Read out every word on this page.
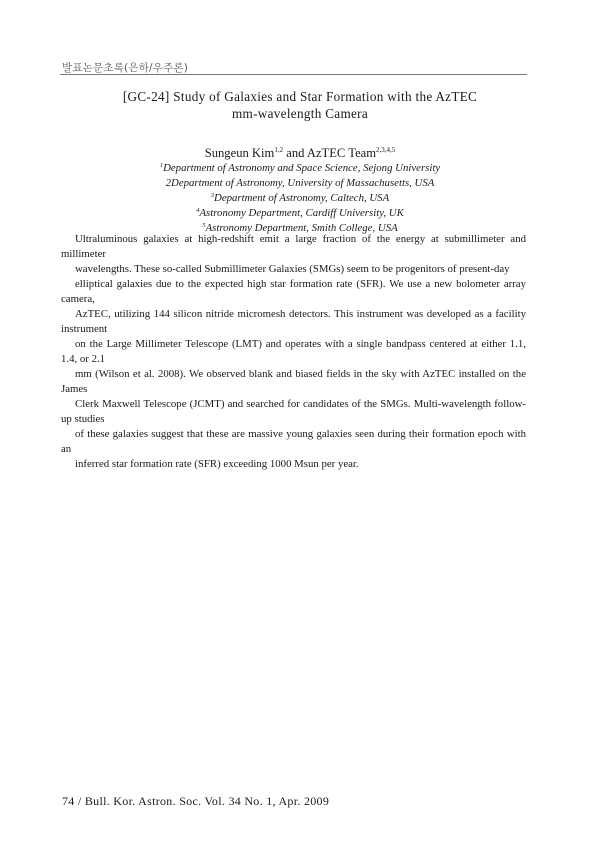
발표논문초록(은하/우주론)
[GC-24] Study of Galaxies and Star Formation with the AzTEC
mm-wavelength Camera
Sungeun Kim$^{1,2}$ and AzTEC Team$^{2,3,4,5}$
$^1$Department of Astronomy and Space Science, Sejong University
2Department of Astronomy, University of Massachusetts, USA
$^3$Department of Astronomy, Caltech, USA
$^4$Astronomy Department, Cardiff University, UK
$^5$Astronomy Department, Smith College, USA

Ultraluminous galaxies at high-redshift emit a large fraction of the energy at submillimeter and millimeter

wavelengths. These so-called Submillimeter Galaxies (SMGs) seem to be progenitors of present-day

elliptical galaxies due to the expected high star formation rate (SFR). We use a new bolometer array camera,

AzTEC, utilizing 144 silicon nitride micromesh detectors. This instrument was developed as a facility instrument

on the Large Millimeter Telescope (LMT) and operates with a single bandpass centered at either 1.1, 1.4, or 2.1

mm (Wilson et al. 2008). We observed blank and biased fields in the sky with AzTEC installed on the James

Clerk Maxwell Telescope (JCMT) and searched for candidates of the SMGs. Multi-wavelength follow-up studies

of these galaxies suggest that these are massive young galaxies seen during their formation epoch with an

inferred star formation rate (SFR) exceeding 1000 Msun per year.

74 / Bull. Kor. Astron. Soc. Vol. 34 No. 1, Apr. 2009
